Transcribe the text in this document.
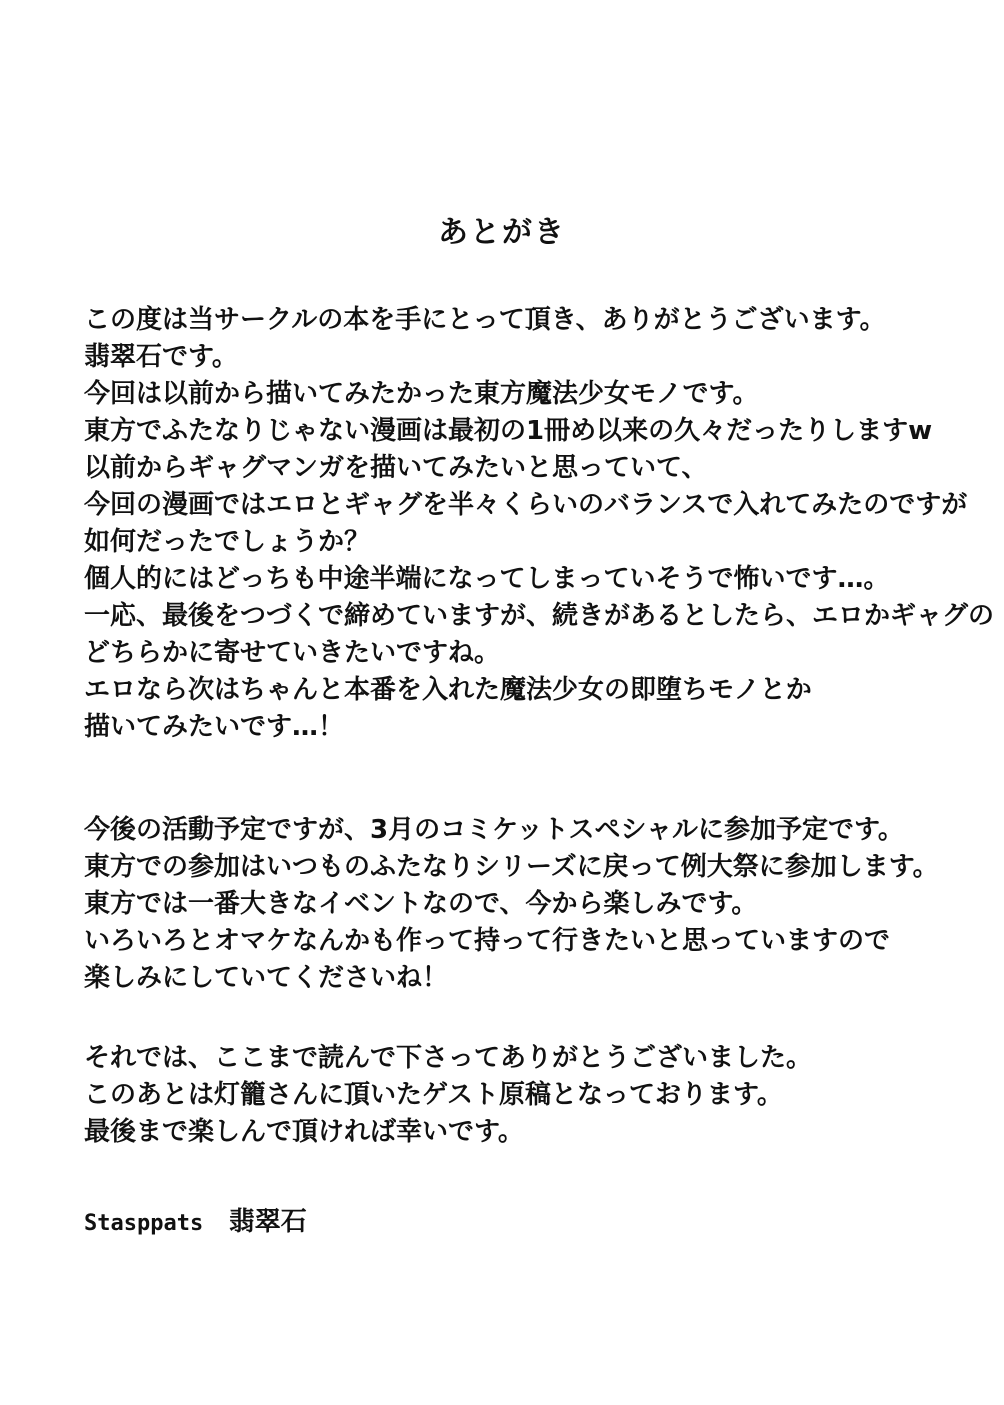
あとがき
この度は当サークルの本を手にとって頂き、ありがとうございます。
翡翠石です。
今回は以前から描いてみたかった東方魔法少女モノです。
東方でふたなりじゃない漫画は最初の1冊め以来の久々だったりしますw
以前からギャグマンガを描いてみたいと思っていて、
今回の漫画ではエロとギャグを半々くらいのバランスで入れてみたのですが
如何だったでしょうか？
個人的にはどっちも中途半端になってしまっていそうで怖いです…。
一応、最後をつづくで締めていますが、続きがあるとしたら、エロかギャグの
どちらかに寄せていきたいですね。
エロなら次はちゃんと本番を入れた魔法少女の即堕ちモノとか
描いてみたいです…！
今後の活動予定ですが、3月のコミケットスペシャルに参加予定です。
東方での参加はいつものふたなりシリーズに戻って例大祭に参加します。
東方では一番大きなイベントなので、今から楽しみです。
いろいろとオマケなんかも作って持って行きたいと思っていますので
楽しみにしていてくださいね！
それでは、ここまで読んで下さってありがとうございました。
このあとは灯籠さんに頂いたゲスト原稿となっております。
最後まで楽しんで頂ければ幸いです。
Stasppats 翡翠石
